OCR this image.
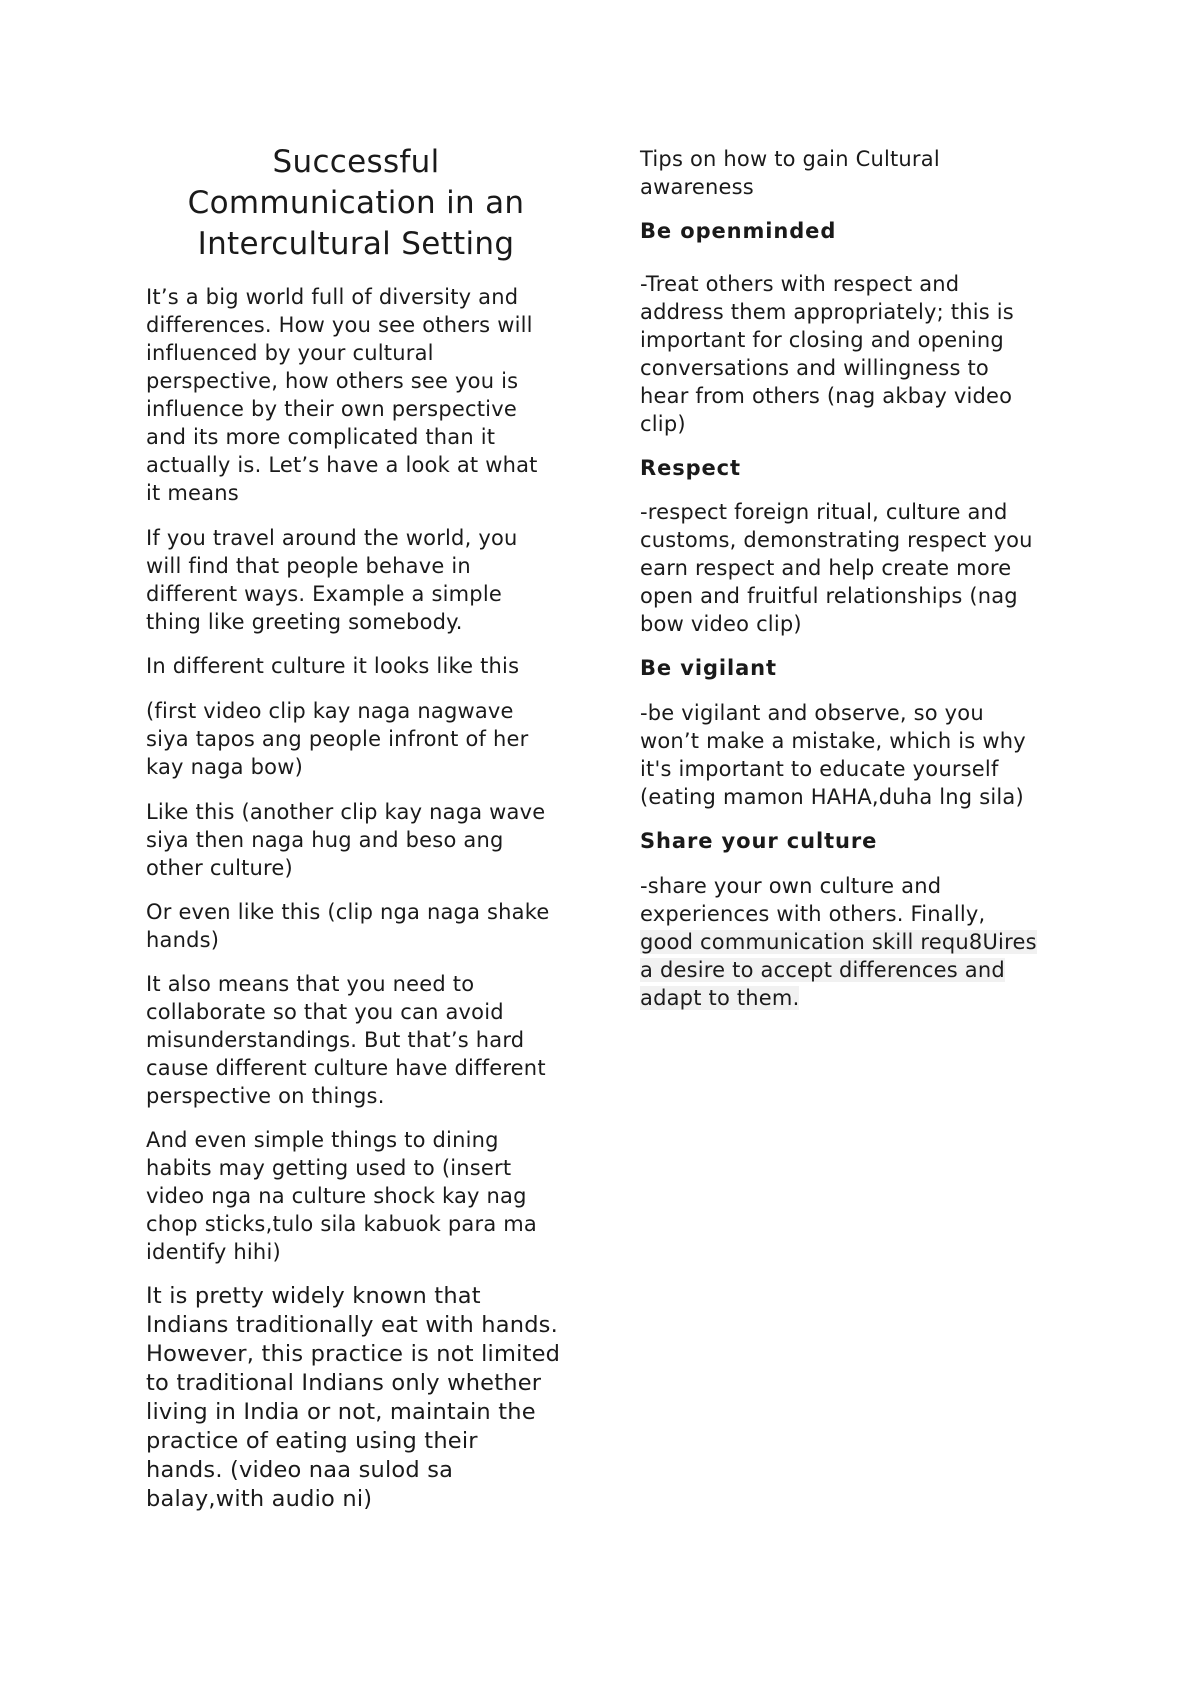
Successful
Communication in an
Intercultural Setting

It’s a big world full of diversity and
differences. How you see others will
influenced by your cultural
perspective, how others see you is
influence by their own perspective
and its more complicated than it
actually is. Let’s have a look at what
it means

If you travel around the world, you
will find that people behave in
different ways. Example a simple
thing like greeting somebody.

In different culture it looks like this

(first video clip kay naga nagwave
siya tapos ang people infront of her
kay naga bow)

Like this (another clip kay naga wave
siya then naga hug and beso ang
other culture)

Or even like this (clip nga naga shake
hands)

It also means that you need to
collaborate so that you can avoid
misunderstandings. But that’s hard
cause different culture have different
perspective on things.

And even simple things to dining
habits may getting used to (insert
video nga na culture shock kay nag
chop sticks,tulo sila kabuok para ma
identify hihi)

It is pretty widely known that
Indians traditionally eat with hands.
However, this practice is not limited
to traditional Indians only whether
living in India or not, maintain the
practice of eating using their
hands. (video naa sulod sa
balay,with audio ni)

Tips on how to gain Cultural
awareness

Be openminded

-Treat others with respect and
address them appropriately; this is
important for closing and opening
conversations and willingness to
hear from others (nag akbay video
clip)

Respect

-respect foreign ritual, culture and
customs, demonstrating respect you
earn respect and help create more
open and fruitful relationships (nag
bow video clip)

Be vigilant

-be vigilant and observe, so you
won’t make a mistake, which is why
it's important to educate yourself
(eating mamon HAHA,duha lng sila)

Share your culture
-share your own culture and
experiences with others. Finally,
good communication skill requ8Uires
a desire to accept differences and
adapt to them.
